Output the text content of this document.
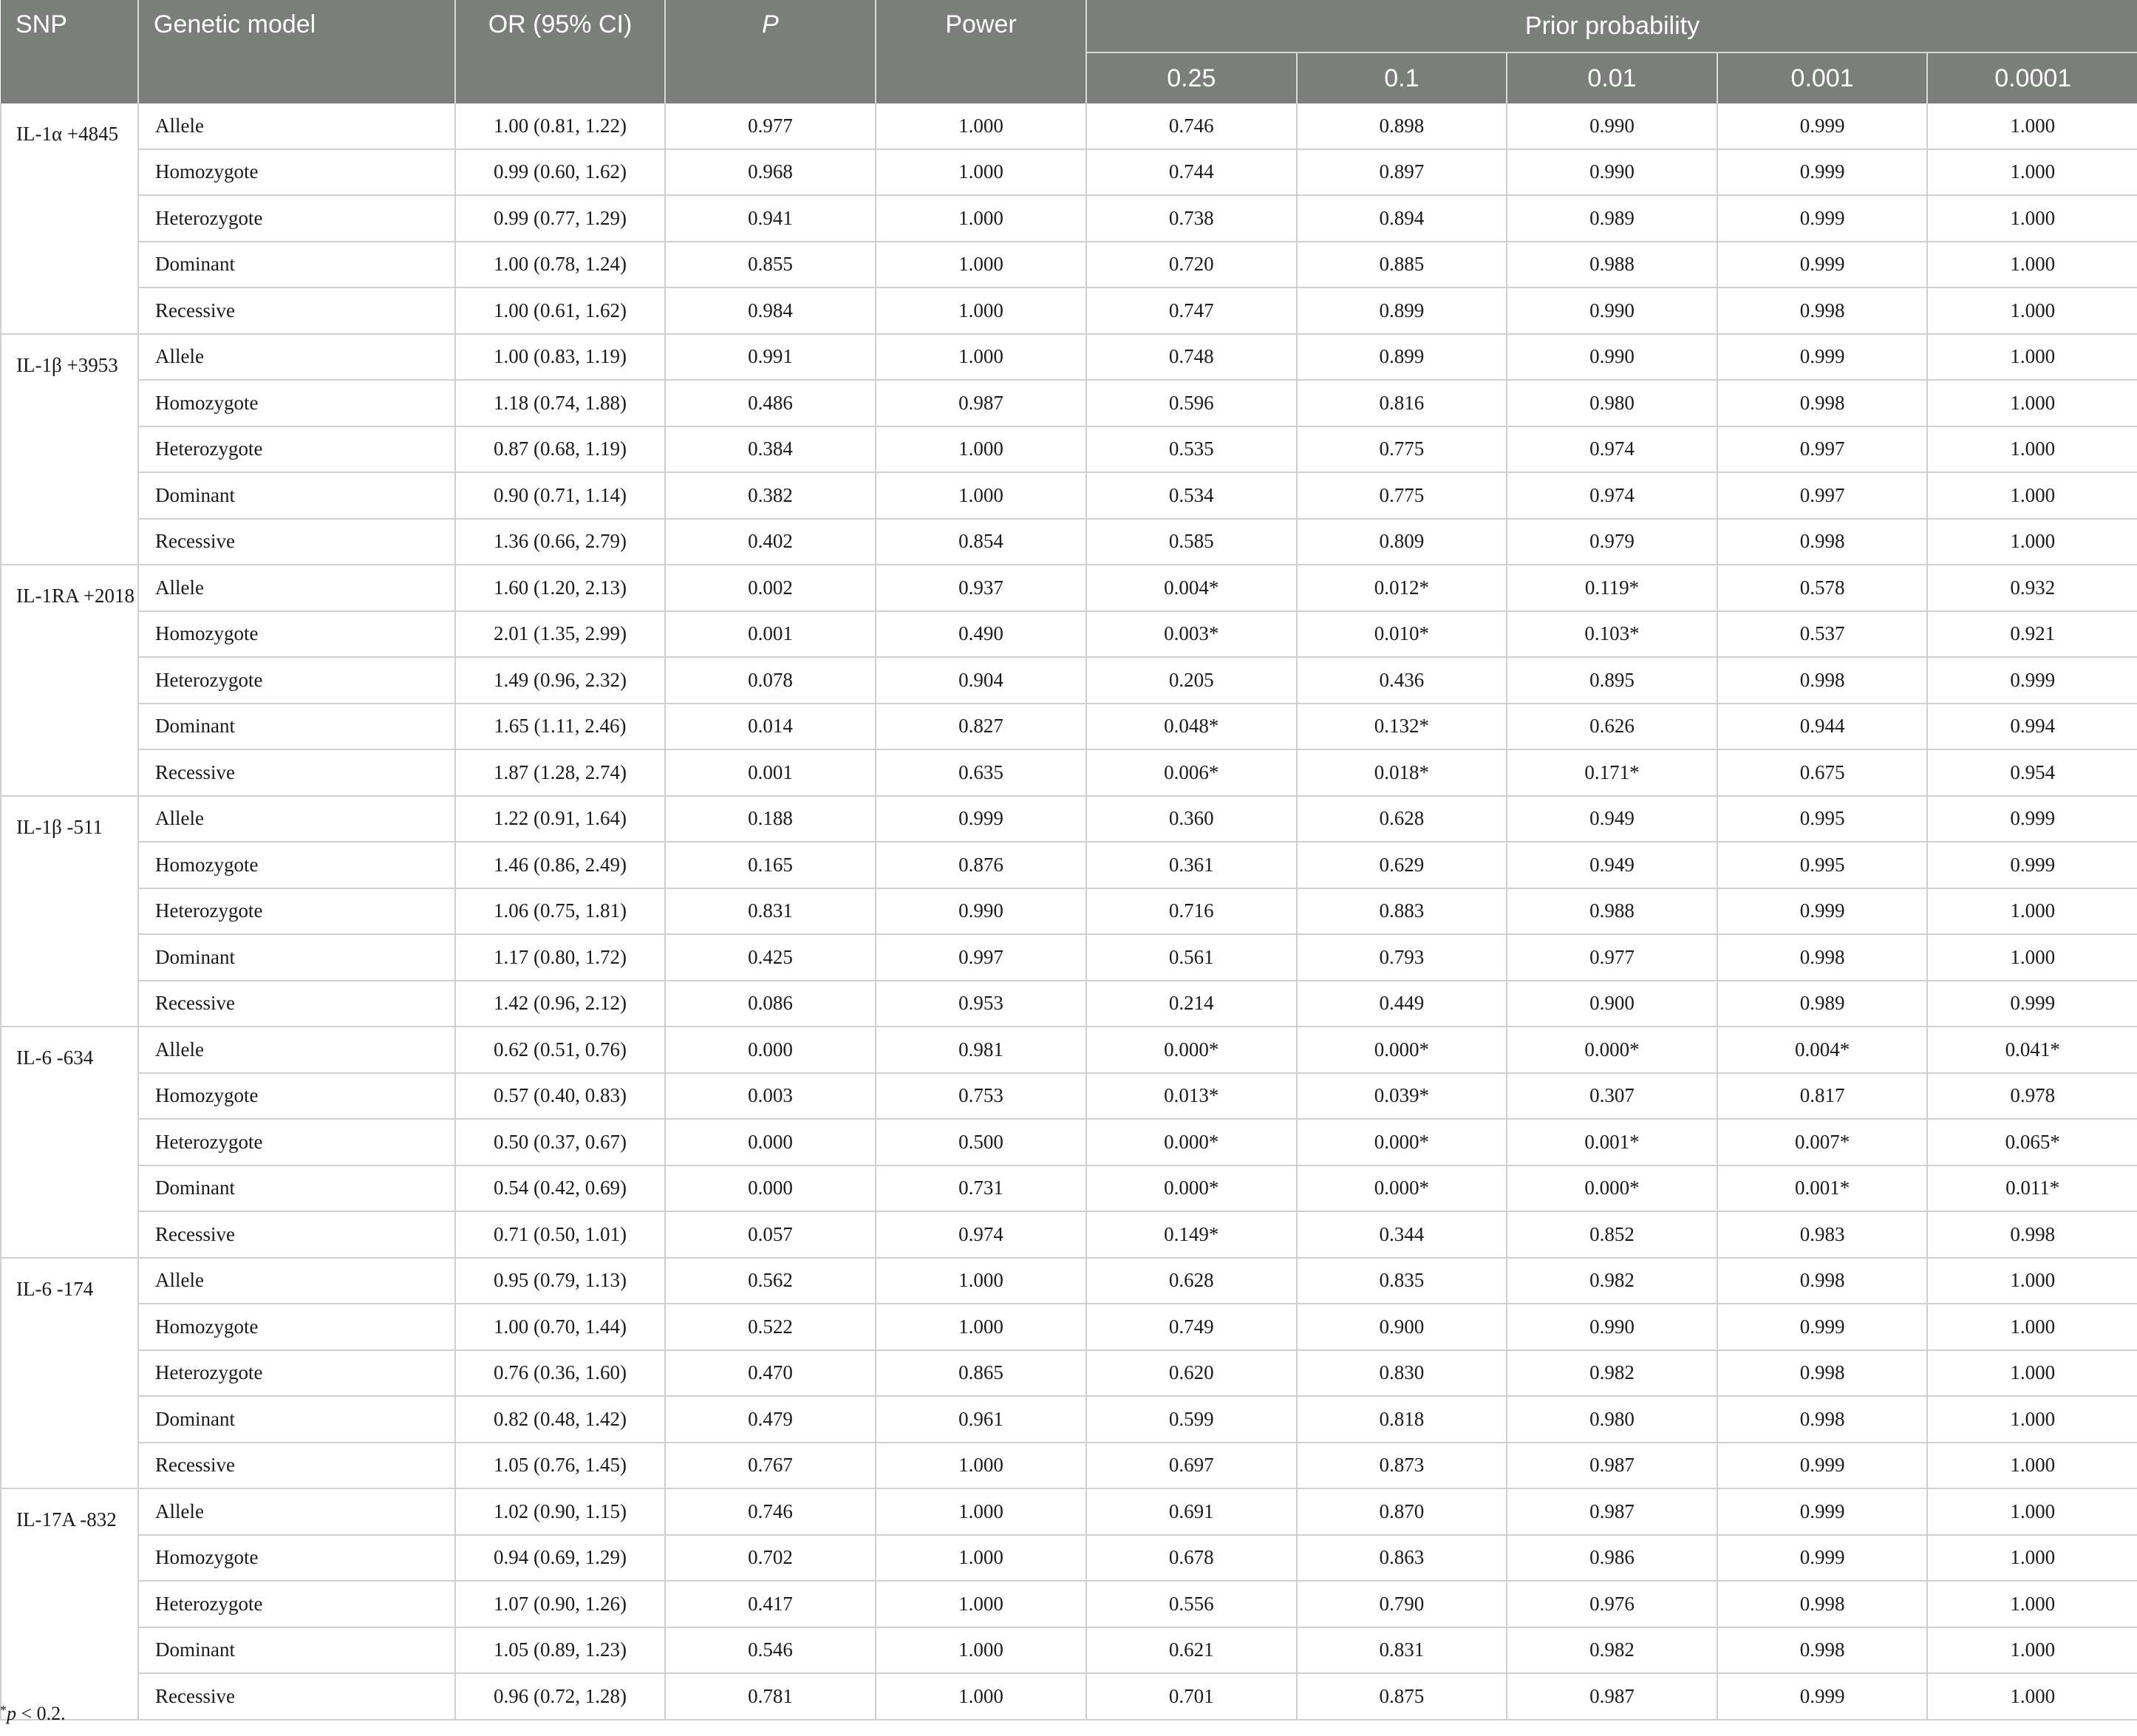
SNP	Genetic model	OR (95% CI)	P	Power	Prior probability				
					0.25	0.1	0.01	0.001	0.0001
IL-1α +4845	Allele	1.00 (0.81, 1.22)	0.977	1.000	0.746	0.898	0.990	0.999	1.000
	Homozygote	0.99 (0.60, 1.62)	0.968	1.000	0.744	0.897	0.990	0.999	1.000
	Heterozygote	0.99 (0.77, 1.29)	0.941	1.000	0.738	0.894	0.989	0.999	1.000
	Dominant	1.00 (0.78, 1.24)	0.855	1.000	0.720	0.885	0.988	0.999	1.000
	Recessive	1.00 (0.61, 1.62)	0.984	1.000	0.747	0.899	0.990	0.998	1.000
IL-1β +3953	Allele	1.00 (0.83, 1.19)	0.991	1.000	0.748	0.899	0.990	0.999	1.000
	Homozygote	1.18 (0.74, 1.88)	0.486	0.987	0.596	0.816	0.980	0.998	1.000
	Heterozygote	0.87 (0.68, 1.19)	0.384	1.000	0.535	0.775	0.974	0.997	1.000
	Dominant	0.90 (0.71, 1.14)	0.382	1.000	0.534	0.775	0.974	0.997	1.000
	Recessive	1.36 (0.66, 2.79)	0.402	0.854	0.585	0.809	0.979	0.998	1.000
IL-1RA +2018	Allele	1.60 (1.20, 2.13)	0.002	0.937	0.004*	0.012*	0.119*	0.578	0.932
	Homozygote	2.01 (1.35, 2.99)	0.001	0.490	0.003*	0.010*	0.103*	0.537	0.921
	Heterozygote	1.49 (0.96, 2.32)	0.078	0.904	0.205	0.436	0.895	0.998	0.999
	Dominant	1.65 (1.11, 2.46)	0.014	0.827	0.048*	0.132*	0.626	0.944	0.994
	Recessive	1.87 (1.28, 2.74)	0.001	0.635	0.006*	0.018*	0.171*	0.675	0.954
IL-1β -511	Allele	1.22 (0.91, 1.64)	0.188	0.999	0.360	0.628	0.949	0.995	0.999
	Homozygote	1.46 (0.86, 2.49)	0.165	0.876	0.361	0.629	0.949	0.995	0.999
	Heterozygote	1.06 (0.75, 1.81)	0.831	0.990	0.716	0.883	0.988	0.999	1.000
	Dominant	1.17 (0.80, 1.72)	0.425	0.997	0.561	0.793	0.977	0.998	1.000
	Recessive	1.42 (0.96, 2.12)	0.086	0.953	0.214	0.449	0.900	0.989	0.999
IL-6 -634	Allele	0.62 (0.51, 0.76)	0.000	0.981	0.000*	0.000*	0.000*	0.004*	0.041*
	Homozygote	0.57 (0.40, 0.83)	0.003	0.753	0.013*	0.039*	0.307	0.817	0.978
	Heterozygote	0.50 (0.37, 0.67)	0.000	0.500	0.000*	0.000*	0.001*	0.007*	0.065*
	Dominant	0.54 (0.42, 0.69)	0.000	0.731	0.000*	0.000*	0.000*	0.001*	0.011*
	Recessive	0.71 (0.50, 1.01)	0.057	0.974	0.149*	0.344	0.852	0.983	0.998
IL-6 -174	Allele	0.95 (0.79, 1.13)	0.562	1.000	0.628	0.835	0.982	0.998	1.000
	Homozygote	1.00 (0.70, 1.44)	0.522	1.000	0.749	0.900	0.990	0.999	1.000
	Heterozygote	0.76 (0.36, 1.60)	0.470	0.865	0.620	0.830	0.982	0.998	1.000
	Dominant	0.82 (0.48, 1.42)	0.479	0.961	0.599	0.818	0.980	0.998	1.000
	Recessive	1.05 (0.76, 1.45)	0.767	1.000	0.697	0.873	0.987	0.999	1.000
IL-17A -832	Allele	1.02 (0.90, 1.15)	0.746	1.000	0.691	0.870	0.987	0.999	1.000
	Homozygote	0.94 (0.69, 1.29)	0.702	1.000	0.678	0.863	0.986	0.999	1.000
	Heterozygote	1.07 (0.90, 1.26)	0.417	1.000	0.556	0.790	0.976	0.998	1.000
	Dominant	1.05 (0.89, 1.23)	0.546	1.000	0.621	0.831	0.982	0.998	1.000
	Recessive	0.96 (0.72, 1.28)	0.781	1.000	0.701	0.875	0.987	0.999	1.000
*p < 0.2.
